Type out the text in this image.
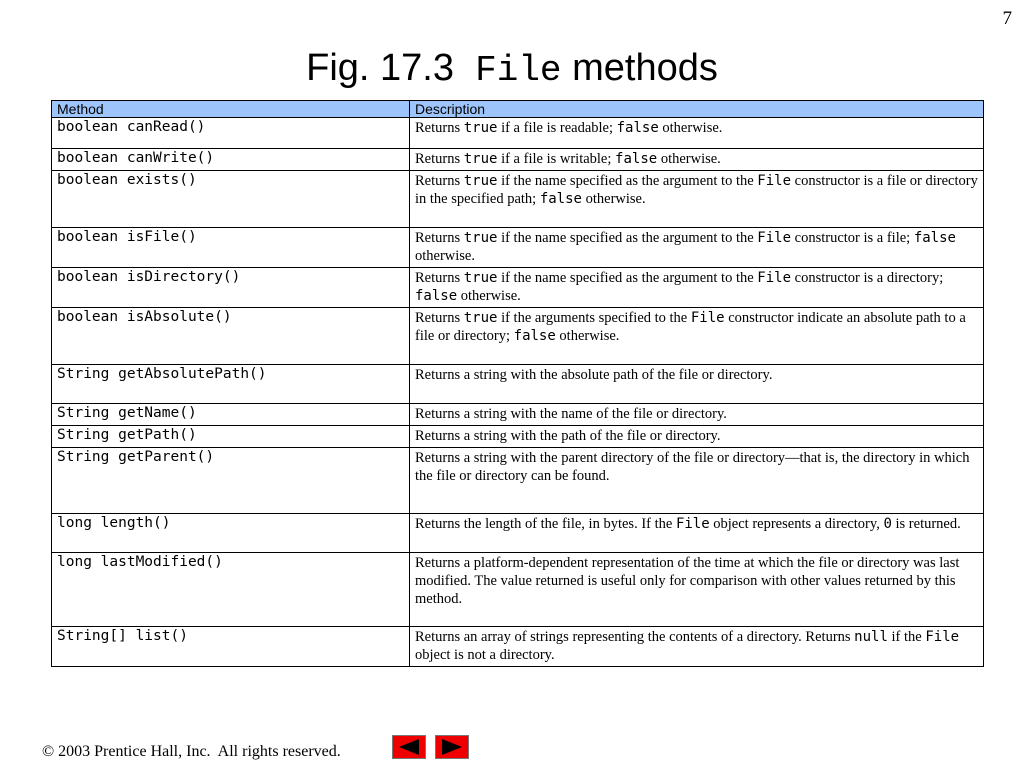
7
Fig. 17.3  File methods
Method	Description
boolean canRead()	Returns true if a file is readable; false otherwise.
boolean canWrite()	Returns true if a file is writable; false otherwise.
boolean exists()	Returns true if the name specified as the argument to the File constructor is a file or directory in the specified path; false otherwise.
boolean isFile()	Returns true if the name specified as the argument to the File constructor is a file; false otherwise.
boolean isDirectory()	Returns true if the name specified as the argument to the File constructor is a directory; false otherwise.
boolean isAbsolute()	Returns true if the arguments specified to the File constructor indicate an absolute path to a file or directory; false otherwise.
String getAbsolutePath()	Returns a string with the absolute path of the file or directory.
String getName()	Returns a string with the name of the file or directory.
String getPath()	Returns a string with the path of the file or directory.
String getParent()	Returns a string with the parent directory of the file or directory—that is, the directory in which the file or directory can be found.
long length()	Returns the length of the file, in bytes. If the File object represents a directory, 0 is returned.
long lastModified()	Returns a platform-dependent representation of the time at which the file or directory was last modified. The value returned is useful only for comparison with other values returned by this method.
String[] list()	Returns an array of strings representing the contents of a directory. Returns null if the File object is not a directory.
© 2003 Prentice Hall, Inc.  All rights reserved.
